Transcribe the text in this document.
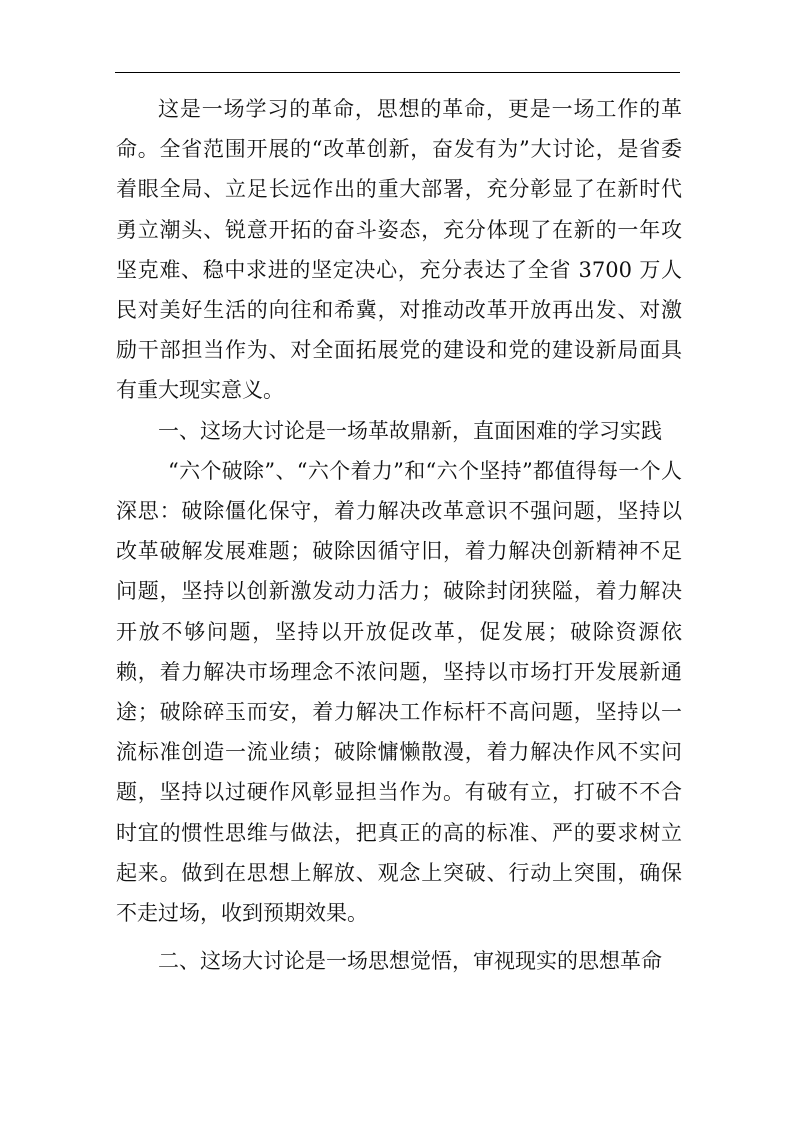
这是一场学习的革命，思想的革命，更是一场工作的革命。全省范围开展的“改革创新，奋发有为”大讨论，是省委着眼全局、立足长远作出的重大部署，充分彰显了在新时代勇立潮头、锐意开拓的奋斗姿态，充分体现了在新的一年攻坚克难、稳中求进的坚定决心，充分表达了全省 3700 万人民对美好生活的向往和希冀，对推动改革开放再出发、对激励干部担当作为、对全面拓展党的建设和党的建设新局面具有重大现实意义。

一、这场大讨论是一场革故鼎新，直面困难的学习实践

“六个破除”、“六个着力”和“六个坚持”都值得每一个人深思：破除僵化保守，着力解决改革意识不强问题，坚持以改革破解发展难题；破除因循守旧，着力解决创新精神不足问题，坚持以创新激发动力活力；破除封闭狭隘，着力解决开放不够问题，坚持以开放促改革，促发展；破除资源依赖，着力解决市场理念不浓问题，坚持以市场打开发展新通途；破除碎玉而安，着力解决工作标杆不高问题，坚持以一流标准创造一流业绩；破除慵懒散漫，着力解决作风不实问题，坚持以过硬作风彰显担当作为。有破有立，打破不不合时宜的惯性思维与做法，把真正的高的标准、严的要求树立起来。做到在思想上解放、观念上突破、行动上突围，确保不走过场，收到预期效果。

二、这场大讨论是一场思想觉悟，审视现实的思想革命
